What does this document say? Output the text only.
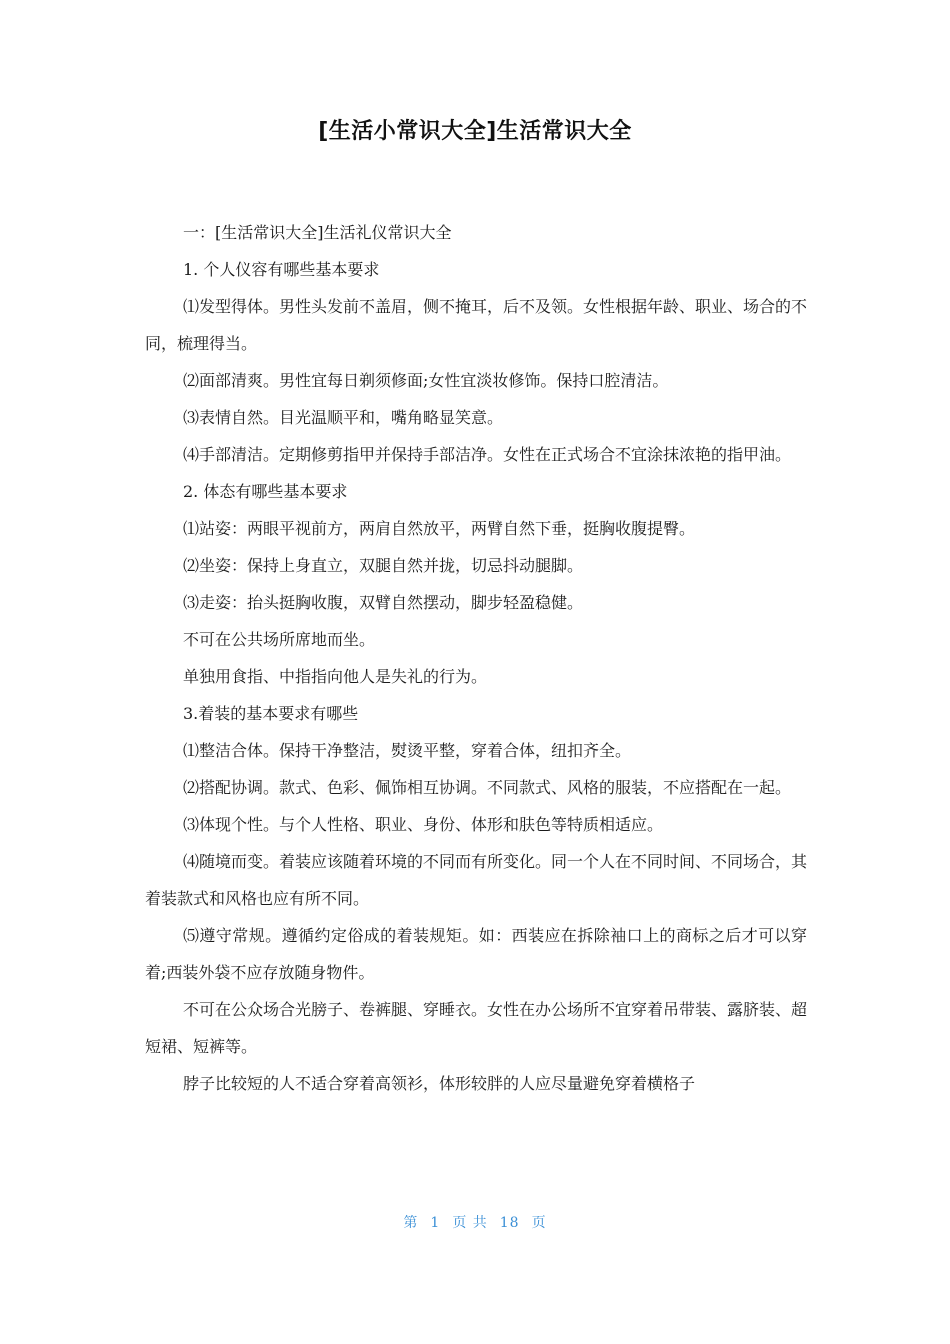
[生活小常识大全]生活常识大全

一：[生活常识大全]生活礼仪常识大全

1. 个人仪容有哪些基本要求

⑴发型得体。男性头发前不盖眉，侧不掩耳，后不及领。女性根据年龄、职业、场合的不同，梳理得当。

⑵面部清爽。男性宜每日剃须修面;女性宜淡妆修饰。保持口腔清洁。

⑶表情自然。目光温顺平和，嘴角略显笑意。

⑷手部清洁。定期修剪指甲并保持手部洁净。女性在正式场合不宜涂抹浓艳的指甲油。

2. 体态有哪些基本要求

⑴站姿：两眼平视前方，两肩自然放平，两臂自然下垂，挺胸收腹提臀。

⑵坐姿：保持上身直立，双腿自然并拢，切忌抖动腿脚。

⑶走姿：抬头挺胸收腹，双臂自然摆动，脚步轻盈稳健。

不可在公共场所席地而坐。

单独用食指、中指指向他人是失礼的行为。

3.着装的基本要求有哪些

⑴整洁合体。保持干净整洁，熨烫平整，穿着合体，纽扣齐全。

⑵搭配协调。款式、色彩、佩饰相互协调。不同款式、风格的服装，不应搭配在一起。

⑶体现个性。与个人性格、职业、身份、体形和肤色等特质相适应。

⑷随境而变。着装应该随着环境的不同而有所变化。同一个人在不同时间、不同场合，其着装款式和风格也应有所不同。

⑸遵守常规。遵循约定俗成的着装规矩。如：西装应在拆除袖口上的商标之后才可以穿着;西装外袋不应存放随身物件。

不可在公众场合光膀子、卷裤腿、穿睡衣。女性在办公场所不宜穿着吊带装、露脐装、超短裙、短裤等。

脖子比较短的人不适合穿着高领衫，体形较胖的人应尽量避免穿着横格子

第 1 页 共 18 页
